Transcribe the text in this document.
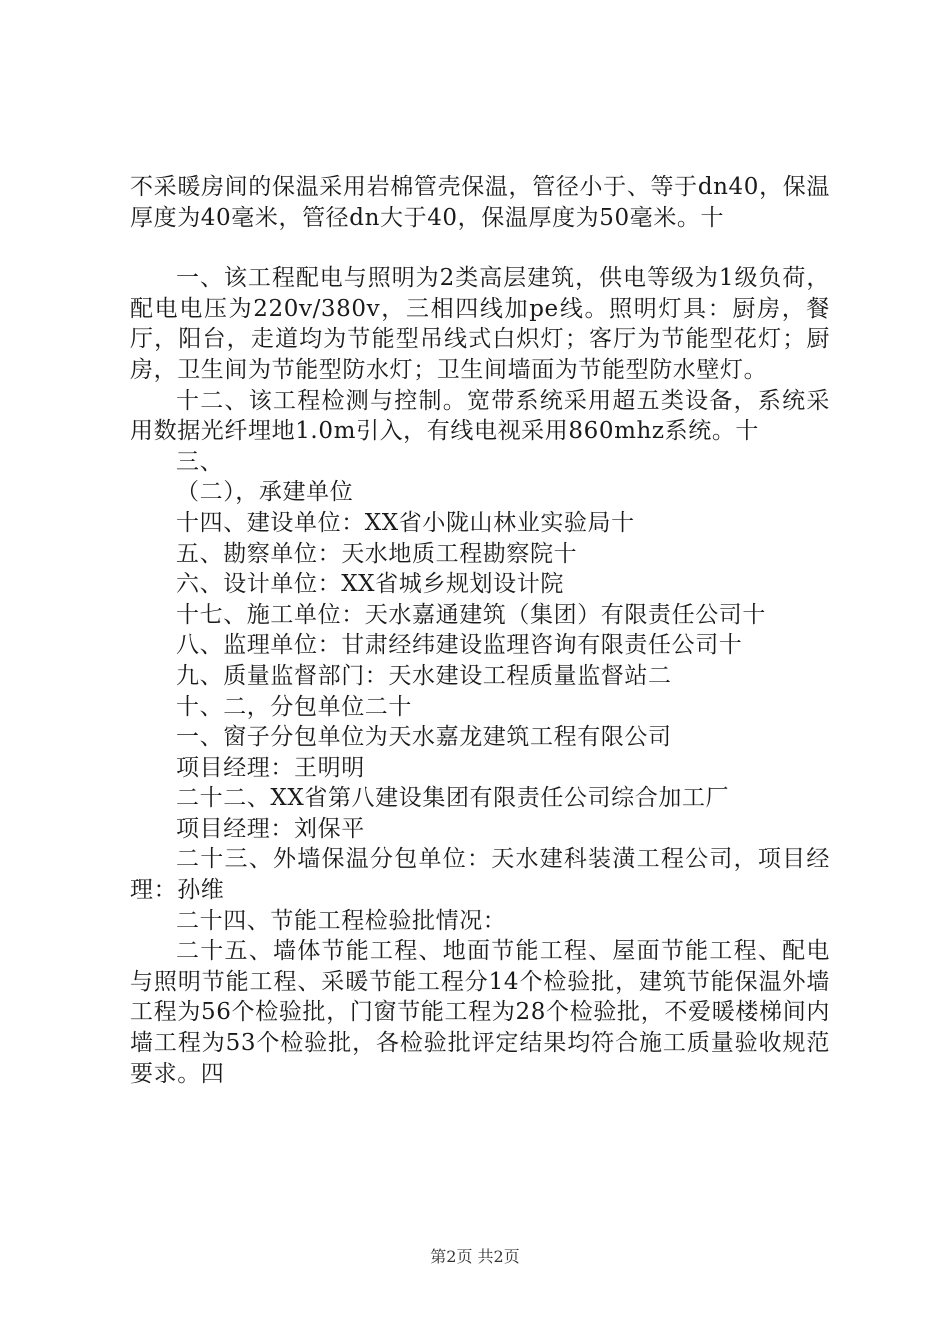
不采暖房间的保温采用岩棉管壳保温，管径小于、等于dn40，保温厚度为40毫米，管径dn大于40，保温厚度为50毫米。十

一、该工程配电与照明为2类高层建筑，供电等级为1级负荷，配电电压为220v/380v，三相四线加pe线。照明灯具：厨房，餐厅，阳台，走道均为节能型吊线式白炽灯；客厅为节能型花灯；厨房，卫生间为节能型防水灯；卫生间墙面为节能型防水壁灯。

十二、该工程检测与控制。宽带系统采用超五类设备，系统采用数据光纤埋地1.0m引入，有线电视采用860mhz系统。十

三、

（二），承建单位

十四、建设单位：XX省小陇山林业实验局十

五、勘察单位：天水地质工程勘察院十

六、设计单位：XX省城乡规划设计院

十七、施工单位：天水嘉通建筑（集团）有限责任公司十

八、监理单位：甘肃经纬建设监理咨询有限责任公司十

九、质量监督部门：天水建设工程质量监督站二

十、二，分包单位二十

一、窗子分包单位为天水嘉龙建筑工程有限公司

项目经理：王明明

二十二、XX省第八建设集团有限责任公司综合加工厂

项目经理：刘保平

二十三、外墙保温分包单位：天水建科装潢工程公司，项目经理：孙维

二十四、节能工程检验批情况：

二十五、墙体节能工程、地面节能工程、屋面节能工程、配电与照明节能工程、采暖节能工程分14个检验批，建筑节能保温外墙工程为56个检验批，门窗节能工程为28个检验批，不爱暖楼梯间内墙工程为53个检验批，各检验批评定结果均符合施工质量验收规范要求。四

第2页 共2页
